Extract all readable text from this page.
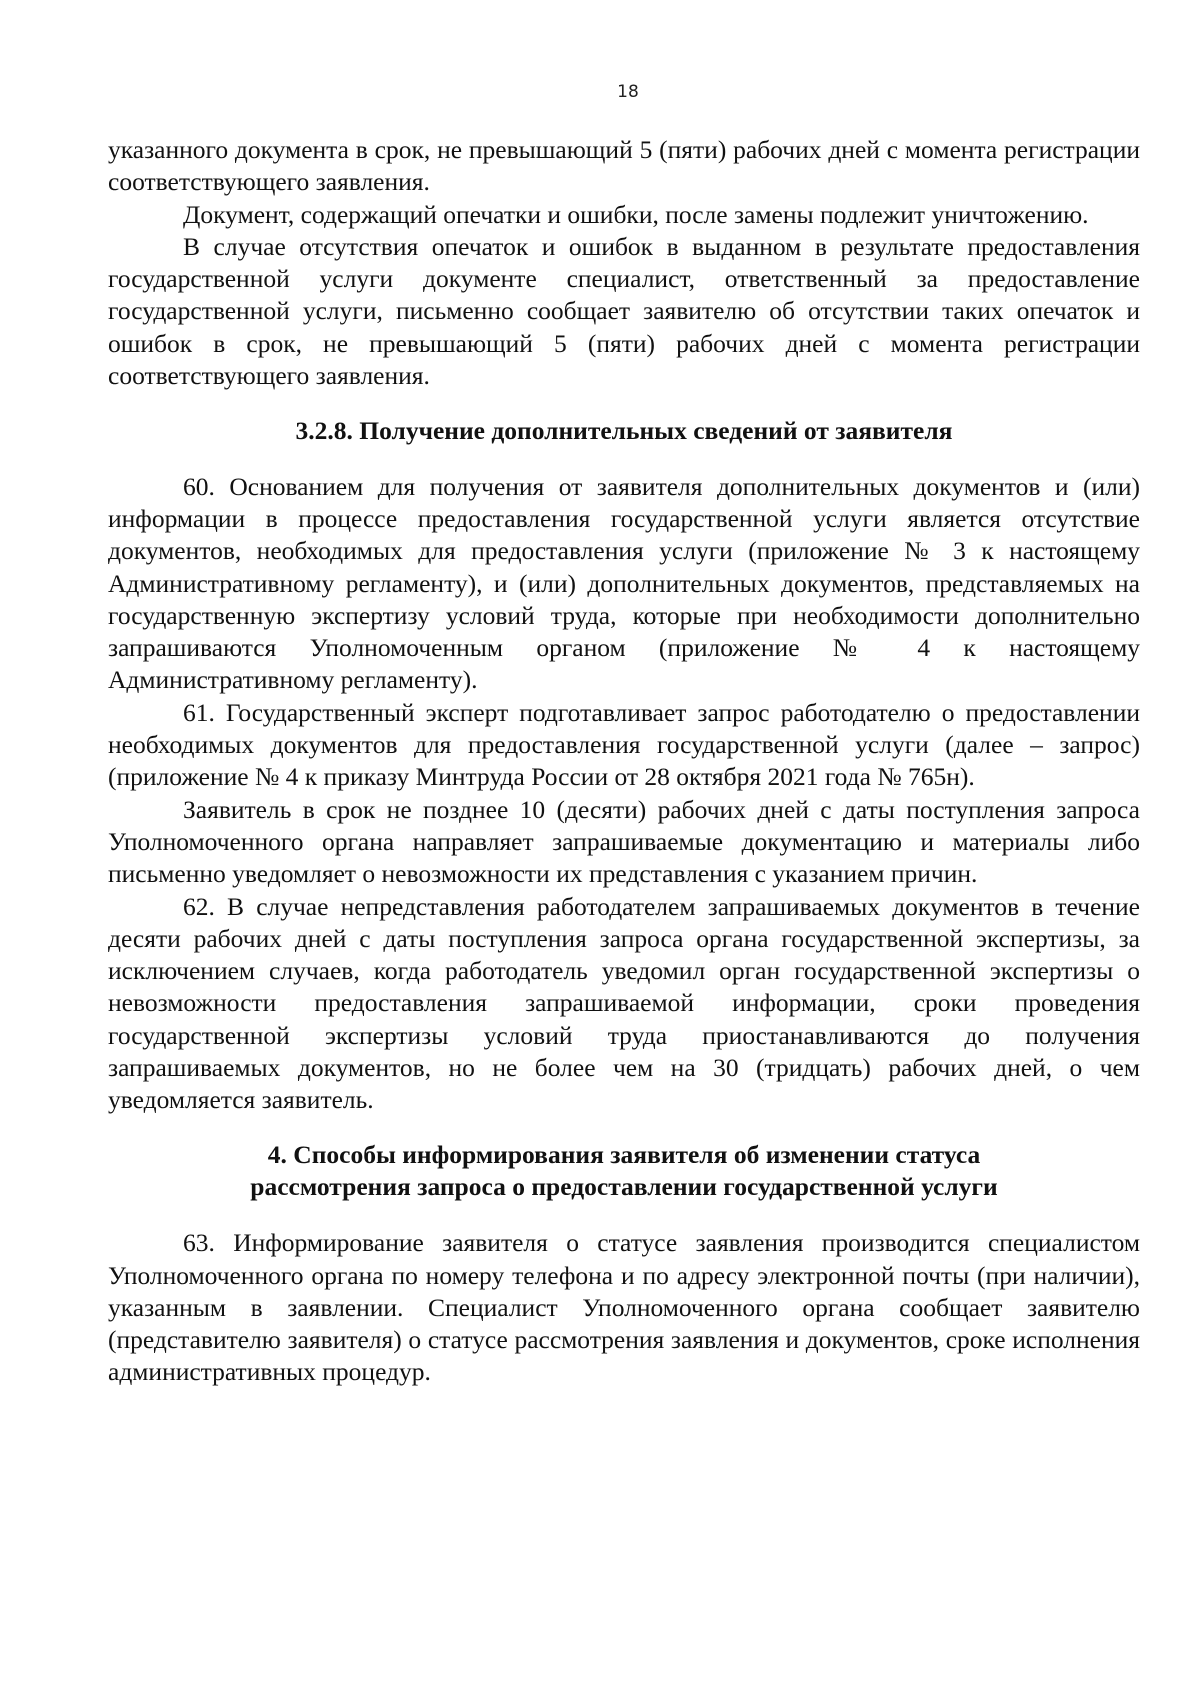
18

указанного документа в срок, не превышающий 5 (пяти) рабочих дней с момента регистрации соответствующего заявления.

Документ, содержащий опечатки и ошибки, после замены подлежит уничтожению.

В случае отсутствия опечаток и ошибок в выданном в результате предоставления государственной услуги документе специалист, ответственный за предоставление государственной услуги, письменно сообщает заявителю об отсутствии таких опечаток и ошибок в срок, не превышающий 5 (пяти) рабочих дней с момента регистрации соответствующего заявления.

3.2.8. Получение дополнительных сведений от заявителя

60. Основанием для получения от заявителя дополнительных документов и (или) информации в процессе предоставления государственной услуги является отсутствие документов, необходимых для предоставления услуги (приложение № 3 к настоящему Административному регламенту), и (или) дополнительных документов, представляемых на государственную экспертизу условий труда, которые при необходимости дополнительно запрашиваются Уполномоченным органом (приложение № 4 к настоящему Административному регламенту).

61. Государственный эксперт подготавливает запрос работодателю о предоставлении необходимых документов для предоставления государственной услуги (далее – запрос) (приложение № 4 к приказу Минтруда России от 28 октября 2021 года № 765н).

Заявитель в срок не позднее 10 (десяти) рабочих дней с даты поступления запроса Уполномоченного органа направляет запрашиваемые документацию и материалы либо письменно уведомляет о невозможности их представления с указанием причин.

62. В случае непредставления работодателем запрашиваемых документов в течение десяти рабочих дней с даты поступления запроса органа государственной экспертизы, за исключением случаев, когда работодатель уведомил орган государственной экспертизы о невозможности предоставления запрашиваемой информации, сроки проведения государственной экспертизы условий труда приостанавливаются до получения запрашиваемых документов, но не более чем на 30 (тридцать) рабочих дней, о чем уведомляется заявитель.

4. Способы информирования заявителя об изменении статуса
рассмотрения запроса о предоставлении государственной услуги

63. Информирование заявителя о статусе заявления производится специалистом Уполномоченного органа по номеру телефона и по адресу электронной почты (при наличии), указанным в заявлении. Специалист Уполномоченного органа сообщает заявителю (представителю заявителя) о статусе рассмотрения заявления и документов, сроке исполнения административных процедур.
